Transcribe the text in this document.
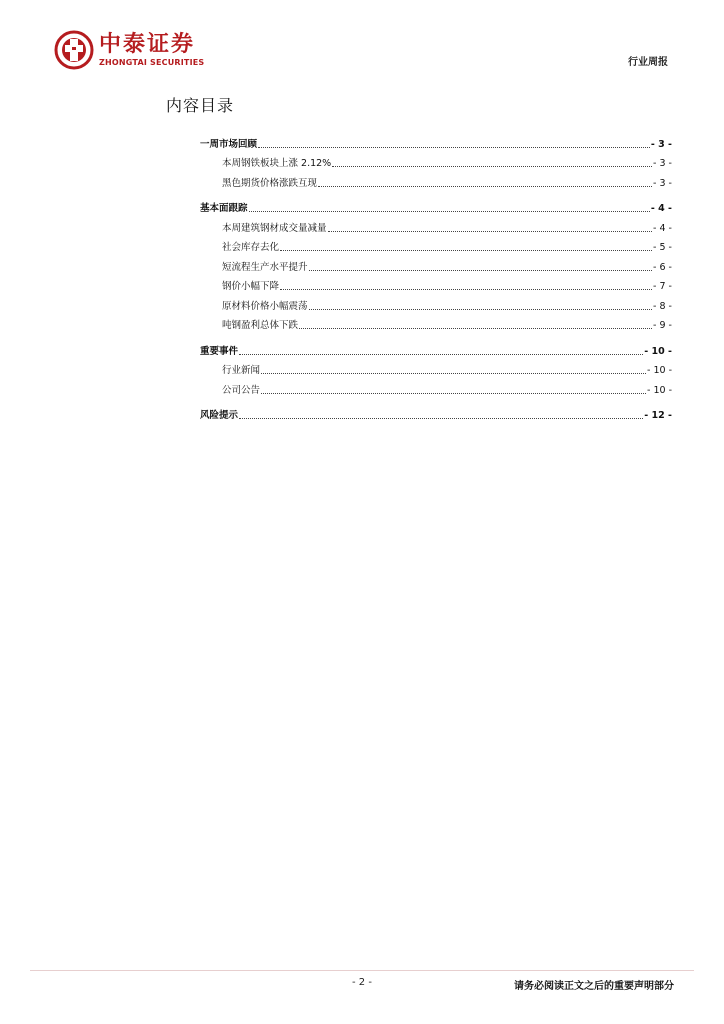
中泰证券
ZHONGTAI SECURITIES	行业周报
内容目录
一周市场回顾	- 3 -
本周钢铁板块上涨 2.12%	- 3 -
黑色期货价格涨跌互现	- 3 -
基本面跟踪	- 4 -
本周建筑钢材成交量减量	- 4 -
社会库存去化	- 5 -
短流程生产水平提升	- 6 -
钢价小幅下降	- 7 -
原材料价格小幅震荡	- 8 -
吨钢盈利总体下跌	- 9 -
重要事件	- 10 -
行业新闻	- 10 -
公司公告	- 10 -
风险提示	- 12 -
- 2 -	请务必阅读正文之后的重要声明部分
